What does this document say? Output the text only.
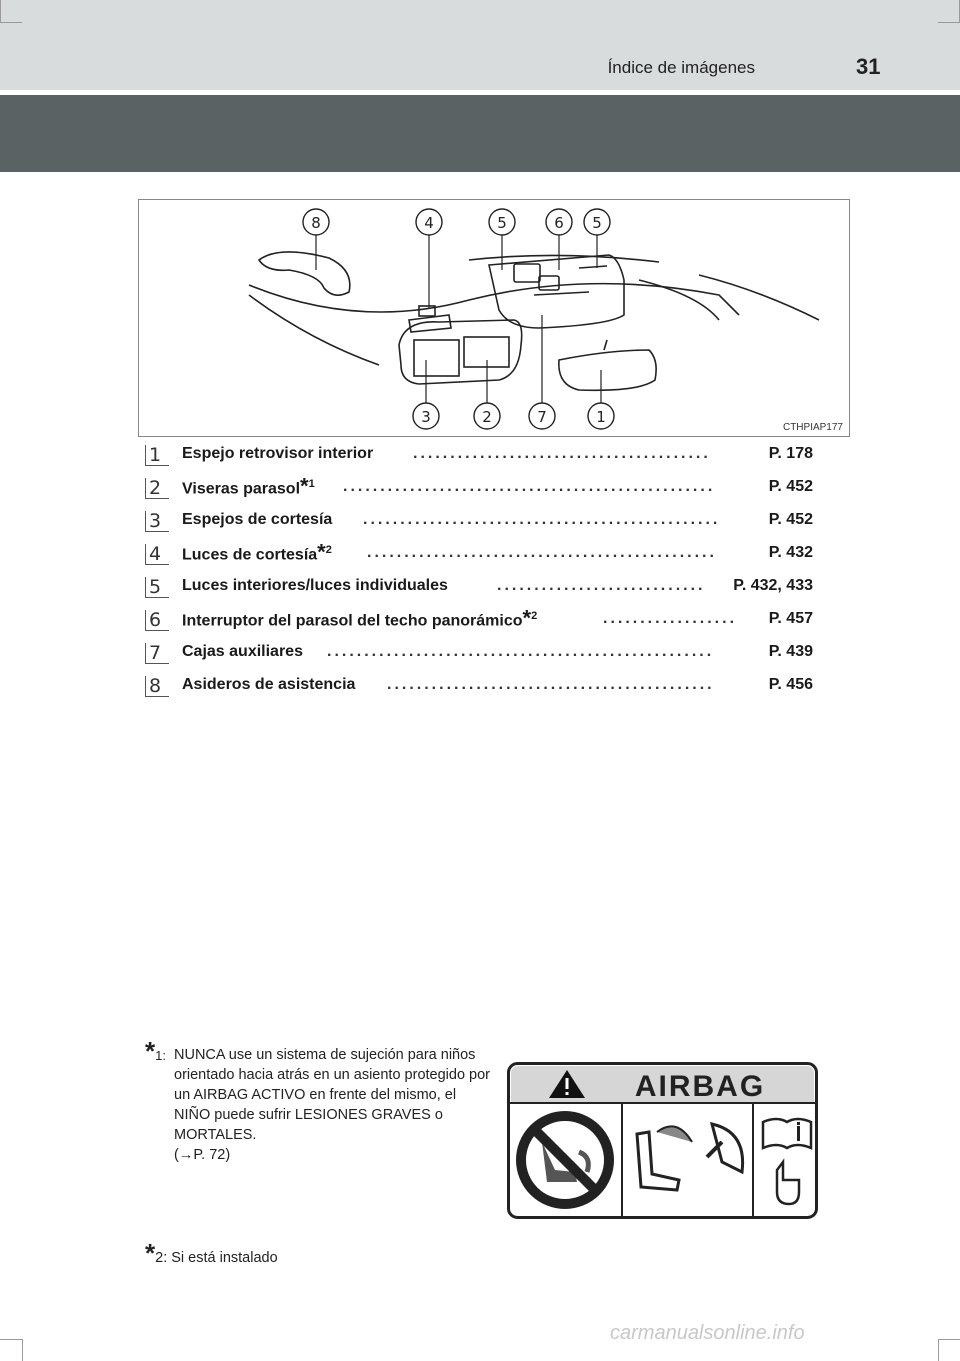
Índice de imágenes	31
8	4	5	6 5
3	2	7	1
CTHPIAP177
1 Espejo retrovisor interior ........................................	P. 178
2 Viseras parasol*$^1$ ..................................................	P. 452
3 Espejos de cortesía ................................................	P. 452
4 Luces de cortesía*$^2$ ...............................................	P. 432
5 Luces interiores/luces individuales	............................	P. 432, 433
6 Interruptor del parasol del techo panorámico*$^2$	..................	P. 457
7 Cajas auxiliares ....................................................	P. 439
8 Asideros de asistencia ............................................	P. 456
*1: NUNCA use un sistema de sujeción para niños orientado hacia atrás en un asiento protegido por un AIRBAG ACTIVO en frente del mismo, el NIÑO puede sufrir LESIONES GRAVES o MORTALES.
(→P. 72)
*2: Si está instalado
AIRBAG
carmanualsonline.info
